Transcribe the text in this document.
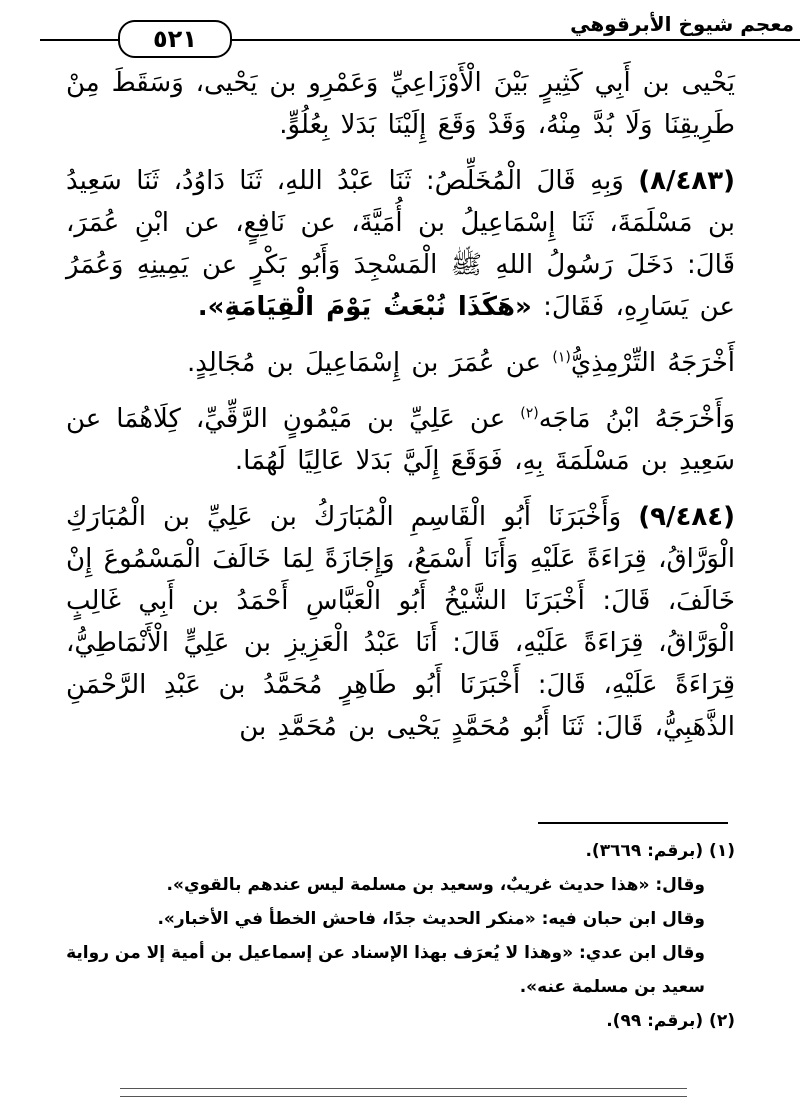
معجم شيوخ الأبرقوهي
٥٢١

يَحْيى بن أَبِي كَثِيرٍ بَيْنَ الْأَوْزَاعِيِّ وَعَمْرِو بن يَحْيى، وَسَقَطَ مِنْ طَرِيقِنَا وَلَا بُدَّ مِنْهُ، وَقَدْ وَقَعَ إِلَيْنَا بَدَلا بِعُلُوٍّ.

(٨/٤٨٣) وَبِهِ قَالَ الْمُخَلِّصُ: ثَنَا عَبْدُ اللهِ، ثَنَا دَاوُدُ، ثَنَا سَعِيدُ بن مَسْلَمَةَ، ثَنَا إِسْمَاعِيلُ بن أُمَيَّةَ، عن نَافِعٍ، عن ابْنِ عُمَرَ، قَالَ: دَخَلَ رَسُولُ اللهِ ﷺ الْمَسْجِدَ وَأَبُو بَكْرٍ عن يَمِينِهِ وَعُمَرُ عن يَسَارِهِ، فَقَالَ: «هَكَذَا نُبْعَثُ يَوْمَ الْقِيَامَةِ».

أَخْرَجَهُ التِّرْمِذِيُّ$^{(١)}$ عن عُمَرَ بن إِسْمَاعِيلَ بن مُجَالِدٍ.

وَأَخْرَجَهُ ابْنُ مَاجَه$^{(٢)}$ عن عَلِيِّ بن مَيْمُونٍ الرَّقِّيِّ، كِلَاهُمَا عن سَعِيدِ بن مَسْلَمَةَ بِهِ، فَوَقَعَ إِلَيَّ بَدَلا عَالِيًا لَهُمَا.

(٩/٤٨٤) وَأَخْبَرَنَا أَبُو الْقَاسِمِ الْمُبَارَكُ بن عَلِيِّ بن الْمُبَارَكِ الْوَرَّاقُ، قِرَاءَةً عَلَيْهِ وَأَنَا أَسْمَعُ، وَإِجَازَةً لِمَا خَالَفَ الْمَسْمُوعَ إِنْ خَالَفَ، قَالَ: أَخْبَرَنَا الشَّيْخُ أَبُو الْعَبَّاسِ أَحْمَدُ بن أَبِي غَالِبٍ الْوَرَّاقُ، قِرَاءَةً عَلَيْهِ، قَالَ: أَنَا عَبْدُ الْعَزِيزِ بن عَلِيٍّ الْأَنْمَاطِيُّ، قِرَاءَةً عَلَيْهِ، قَالَ: أَخْبَرَنَا أَبُو طَاهِرٍ مُحَمَّدُ بن عَبْدِ الرَّحْمَنِ الذَّهَبِيُّ، قَالَ: ثَنَا أَبُو مُحَمَّدٍ يَحْيى بن مُحَمَّدِ بن

(١) (برقم: ٣٦٦٩).
وقال: «هذا حديث غريبٌ، وسعيد بن مسلمة ليس عندهم بالقوي».
وقال ابن حبان فيه: «منكر الحديث جدًا، فاحش الخطأ في الأخبار».
وقال ابن عدي: «وهذا لا يُعرَف بهذا الإسناد عن إسماعيل بن أمية إلا من رواية سعيد بن مسلمة عنه».
(٢) (برقم: ٩٩).
